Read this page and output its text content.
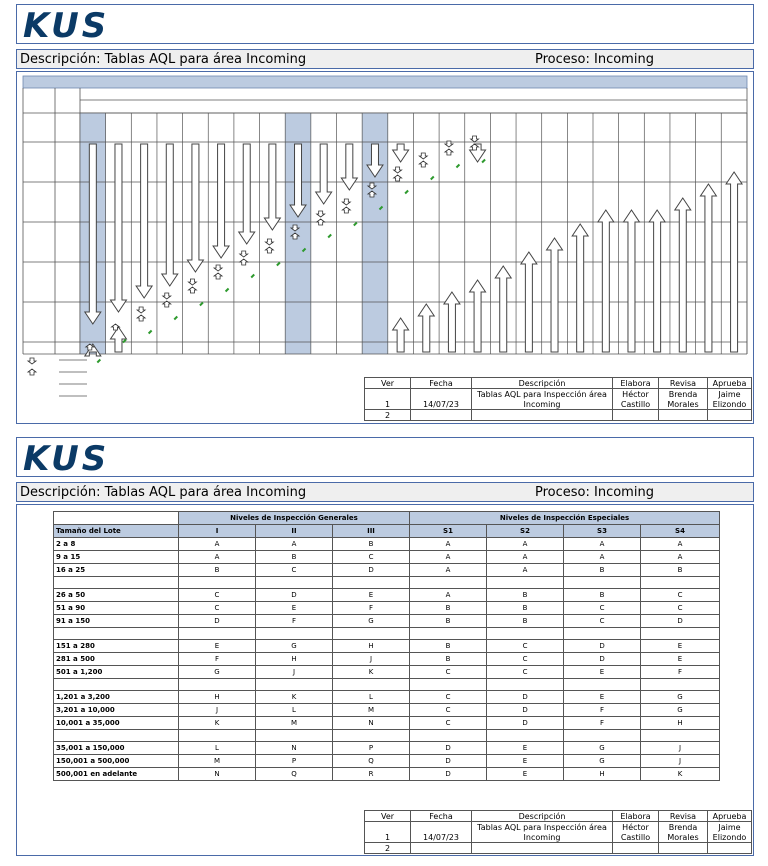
KUS
Descripción: Tablas AQL para área Incoming	Proceso: Incoming
Ver	Fecha	Descripción	Elabora	Revisa	Aprueba
		Tablas AQL para Inspección área	Héctor	Brenda	Jaime
1	14/07/23	Incoming	Castillo	Morales	Elizondo
2					
KUS
Descripción: Tablas AQL para área Incoming	Proceso: Incoming
	Niveles de Inspección Generales			Niveles de Inspección Especiales			
Tamaño del Lote	I	II	III	S1	S2	S3	S4
2 a 8	A	A	B	A	A	A	A
9 a 15	A	B	C	A	A	A	A
16 a 25	B	C	D	A	A	B	B

26 a 50	C	D	E	A	B	B	C
51 a 90	C	E	F	B	B	C	C
91 a 150	D	F	G	B	B	C	D

151 a 280	E	G	H	B	C	D	E
281 a 500	F	H	J	B	C	D	E
501 a 1,200	G	J	K	C	C	E	F

1,201 a 3,200	H	K	L	C	D	E	G
3,201 a 10,000	J	L	M	C	D	F	G
10,001 a 35,000	K	M	N	C	D	F	H

35,001 a 150,000	L	N	P	D	E	G	J
150,001 a 500,000	M	P	Q	D	E	G	J
500,001 en adelante	N	Q	R	D	E	H	K
Ver	Fecha	Descripción	Elabora	Revisa	Aprueba
		Tablas AQL para Inspección área	Héctor	Brenda	Jaime
1	14/07/23	Incoming	Castillo	Morales	Elizondo
2					
